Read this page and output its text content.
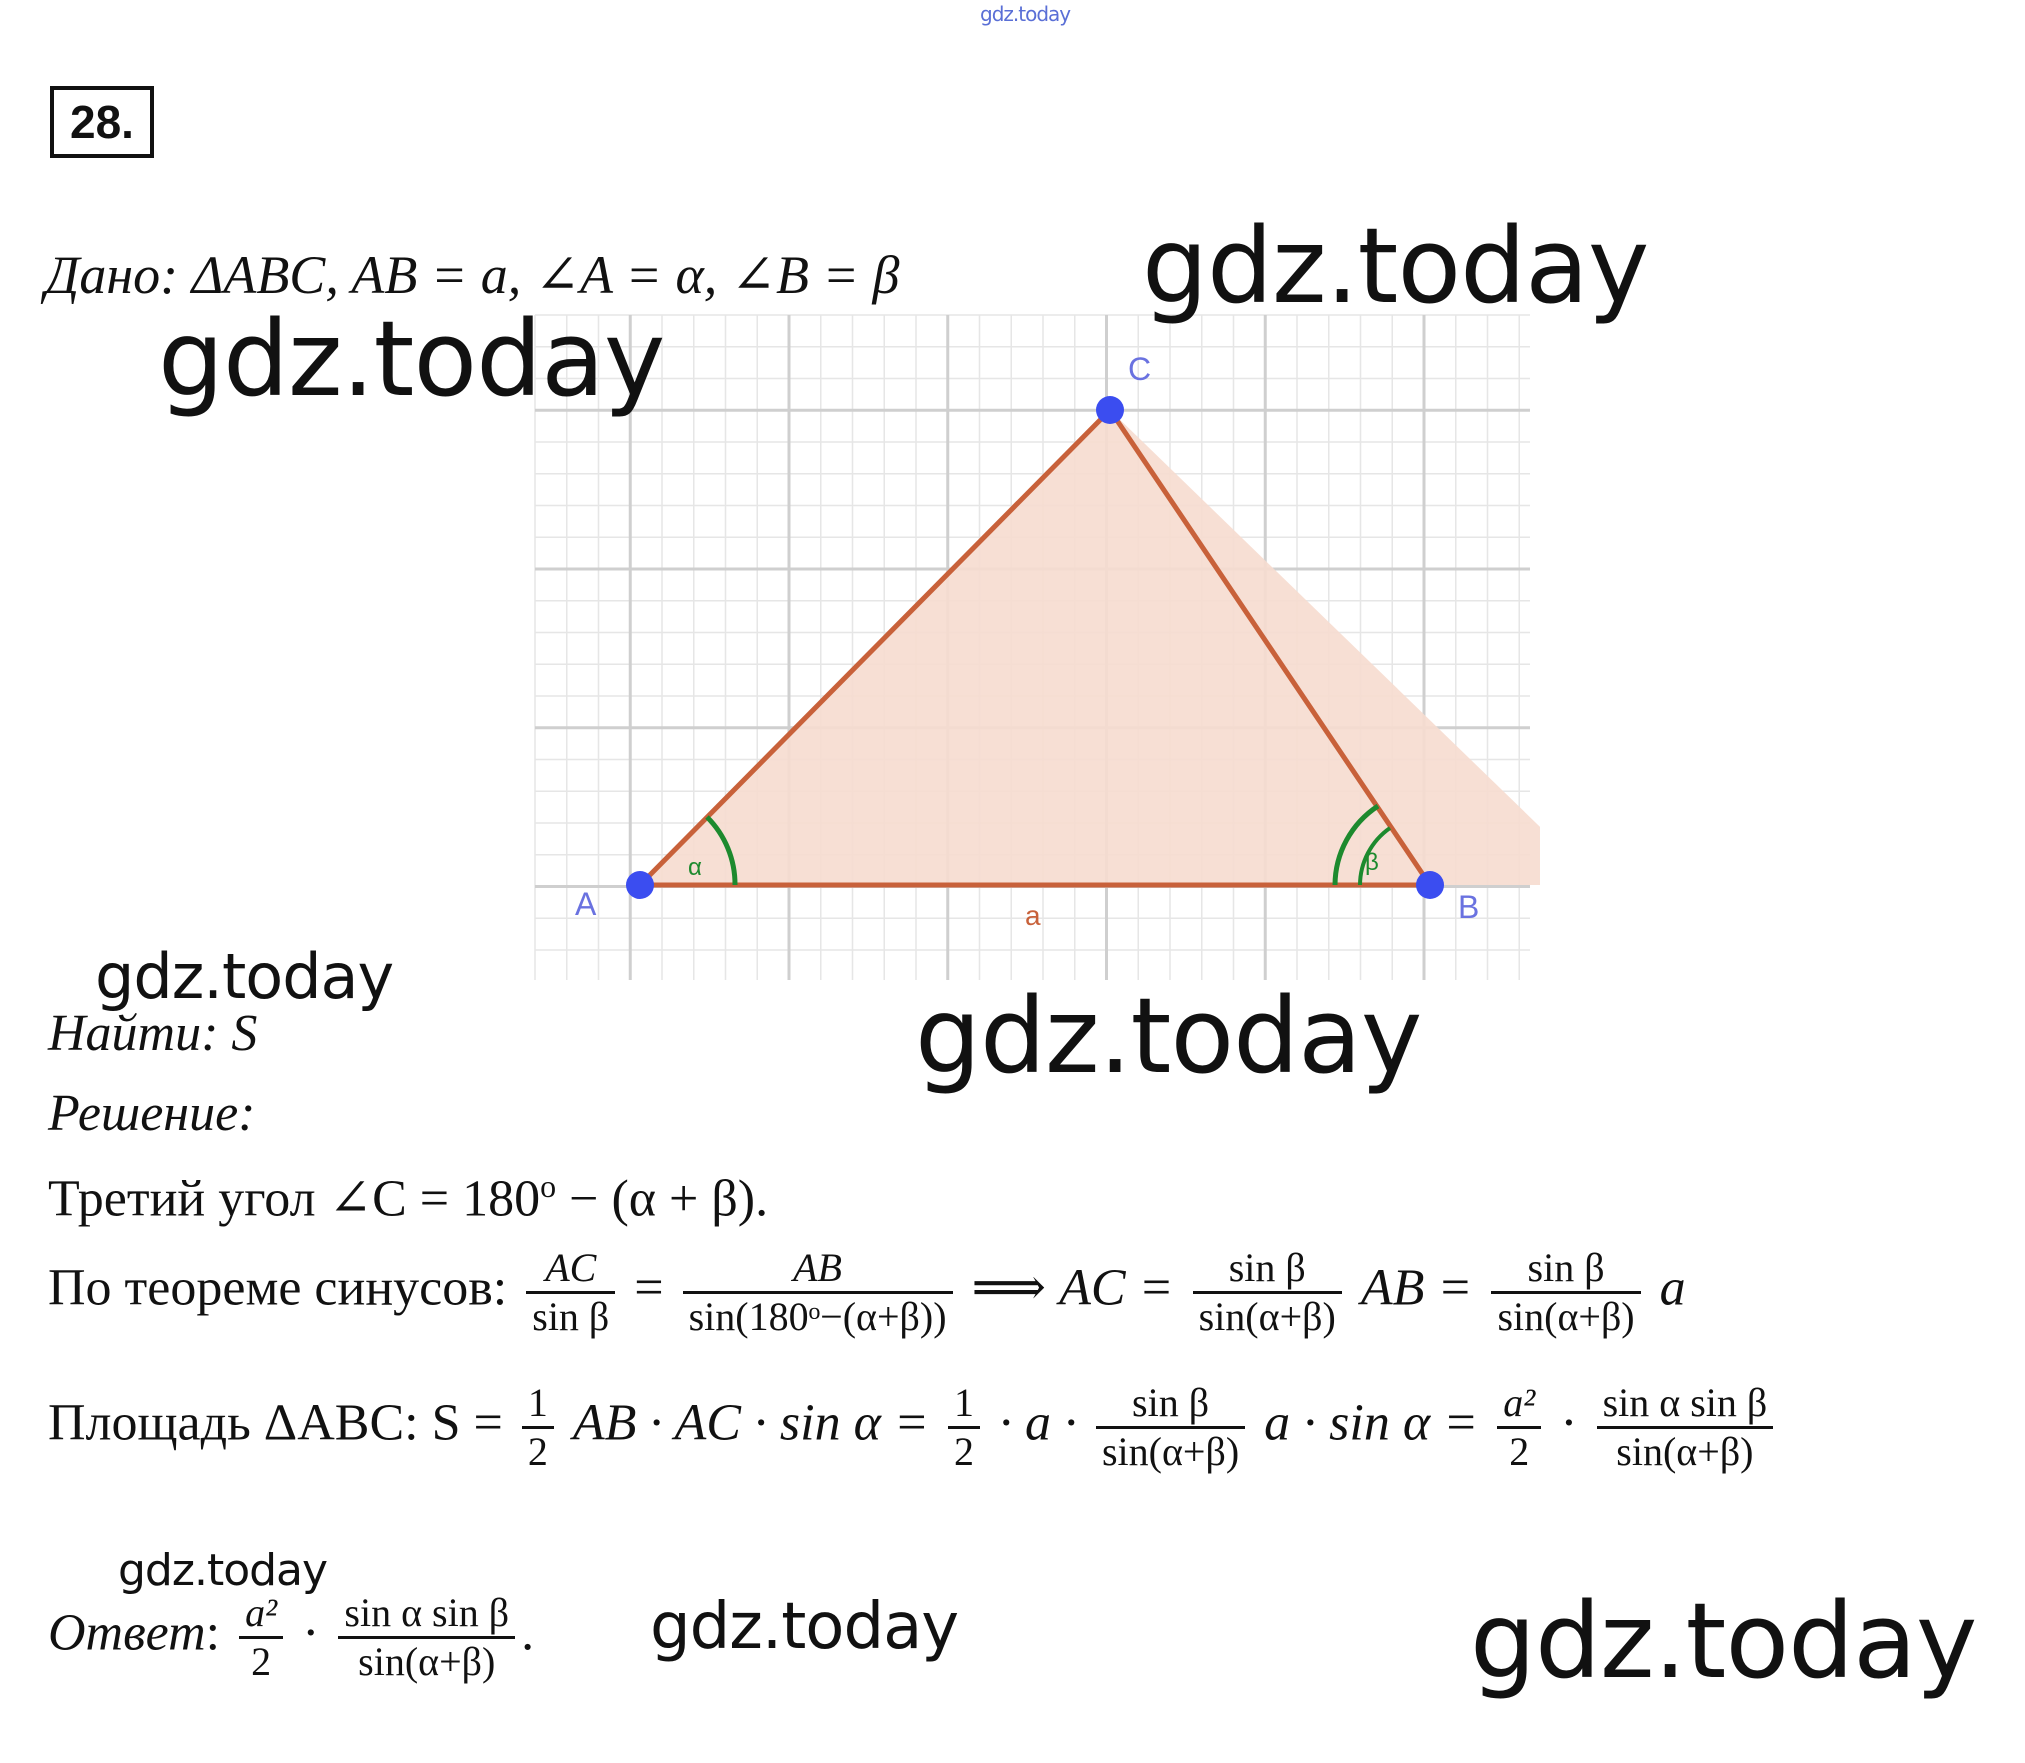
gdz.today
28.
Дано: ΔABC, AB = a, ∠A = α, ∠B = β
α	β
A	B
C
a
gdz.today
gdz.today
gdz.today	gdz.today
gdz.today
gdz.today	gdz.today
Найти: S
Решение:
Третий угол ∠C = $180^o - (\alpha + \beta)$.
По теореме синусов: $\frac{AC}{\text{sin β}} = \frac{AB}{\text{sin(180ᵒ−(α+β))}}$ ⟹ AC = $\frac{\text{sin β}}{\sin(\alpha+\beta)}$ AB = $\frac{\text{sin β}}{\sin(\alpha+\beta)}$ a
Площадь ΔABC: $S = \frac{1}{2}$ AB · AC · $\sin \alpha = \frac{1}{2} \cdot a \cdot \frac{\text{sin β}}{\sin(\alpha+\beta)}$ $a \cdot \sin \alpha = \frac{\text{a²}}{2} \cdot \frac{\text{sin α sin β}}{\sin(\alpha+\beta)}$
Ответ: $\frac{\text{a²}}{2} \cdot \frac{\text{sin α sin β}}{\sin(\alpha+\beta)}$ .
